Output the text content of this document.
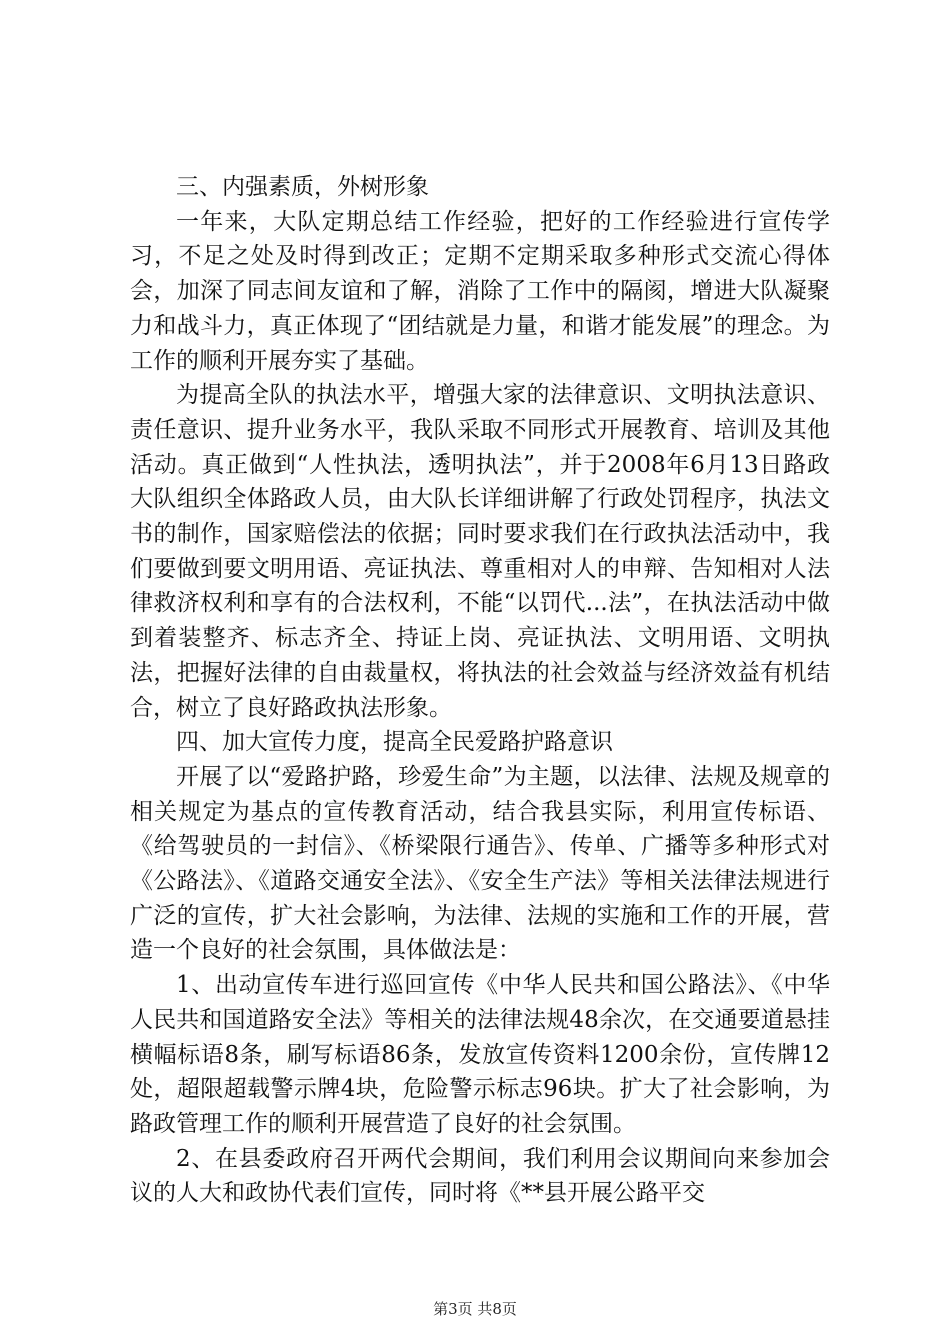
三、内强素质，外树形象

一年来，大队定期总结工作经验，把好的工作经验进行宣传学习，不足之处及时得到改正；定期不定期采取多种形式交流心得体会，加深了同志间友谊和了解，消除了工作中的隔阂，增进大队凝聚力和战斗力，真正体现了“团结就是力量，和谐才能发展”的理念。为工作的顺利开展夯实了基础。

为提高全队的执法水平，增强大家的法律意识、文明执法意识、责任意识、提升业务水平，我队采取不同形式开展教育、培训及其他活动。真正做到“人性执法，透明执法”，并于2008年6月13日路政大队组织全体路政人员，由大队长详细讲解了行政处罚程序，执法文书的制作，国家赔偿法的依据；同时要求我们在行政执法活动中，我们要做到要文明用语、亮证执法、尊重相对人的申辩、告知相对人法律救济权利和享有的合法权利，不能“以罚代...法”，在执法活动中做到着装整齐、标志齐全、持证上岗、亮证执法、文明用语、文明执法，把握好法律的自由裁量权，将执法的社会效益与经济效益有机结合，树立了良好路政执法形象。

四、加大宣传力度，提高全民爱路护路意识

开展了以“爱路护路，珍爱生命”为主题，以法律、法规及规章的相关规定为基点的宣传教育活动，结合我县实际，利用宣传标语、《给驾驶员的一封信》、《桥梁限行通告》、传单、广播等多种形式对《公路法》、《道路交通安全法》、《安全生产法》等相关法律法规进行广泛的宣传，扩大社会影响，为法律、法规的实施和工作的开展，营造一个良好的社会氛围，具体做法是：

1、出动宣传车进行巡回宣传《中华人民共和国公路法》、《中华人民共和国道路安全法》等相关的法律法规48余次，在交通要道悬挂横幅标语8条，刷写标语86条，发放宣传资料1200余份，宣传牌12处，超限超载警示牌4块，危险警示标志96块。扩大了社会影响，为路政管理工作的顺利开展营造了良好的社会氛围。

2、在县委政府召开两代会期间，我们利用会议期间向来参加会议的人大和政协代表们宣传，同时将《**县开展公路平交

第3页 共8页
